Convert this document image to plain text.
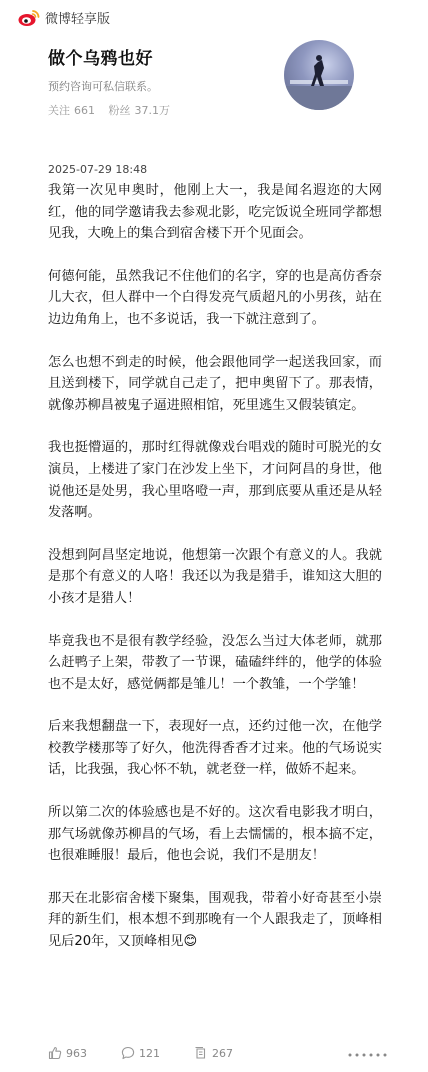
微博轻享版
做个乌鸦也好
预约咨询可私信联系。
关注 661 粉丝 37.1万
2025-07-29 18:48

我第一次见申奥时，他刚上大一，我是闻名遐迩的大网红，他的同学邀请我去参观北影，吃完饭说全班同学都想见我，大晚上的集合到宿舍楼下开个见面会。

何德何能，虽然我记不住他们的名字，穿的也是高仿香奈儿大衣，但人群中一个白得发亮气质超凡的小男孩，站在边边角角上，也不多说话，我一下就注意到了。

怎么也想不到走的时候，他会跟他同学一起送我回家，而且送到楼下，同学就自己走了，把申奥留下了。那表情，就像苏柳昌被鬼子逼进照相馆，死里逃生又假装镇定。

我也挺懵逼的，那时红得就像戏台唱戏的随时可脱光的女演员，上楼进了家门在沙发上坐下，才问阿昌的身世，他说他还是处男，我心里咯噔一声，那到底要从重还是从轻发落啊。

没想到阿昌坚定地说，他想第一次跟个有意义的人。我就是那个有意义的人咯！我还以为我是猎手，谁知这大胆的小孩才是猎人！

毕竟我也不是很有教学经验，没怎么当过大体老师，就那么赶鸭子上架，带教了一节课，磕磕绊绊的，他学的体验也不是太好，感觉俩都是雏儿！一个教雏，一个学雏！

后来我想翻盘一下，表现好一点，还约过他一次，在他学校教学楼那等了好久，他洗得香香才过来。他的气场说实话，比我强，我心怀不轨，就老登一样，做娇不起来。

所以第二次的体验感也是不好的。这次看电影我才明白，那气场就像苏柳昌的气场，看上去懦懦的，根本搞不定，也很难睡服！最后，他也会说，我们不是朋友！

那天在北影宿舍楼下聚集，围观我，带着小好奇甚至小崇拜的新生们，根本想不到那晚有一个人跟我走了，顶峰相见后20年，又顶峰相见😊

963	121	267
